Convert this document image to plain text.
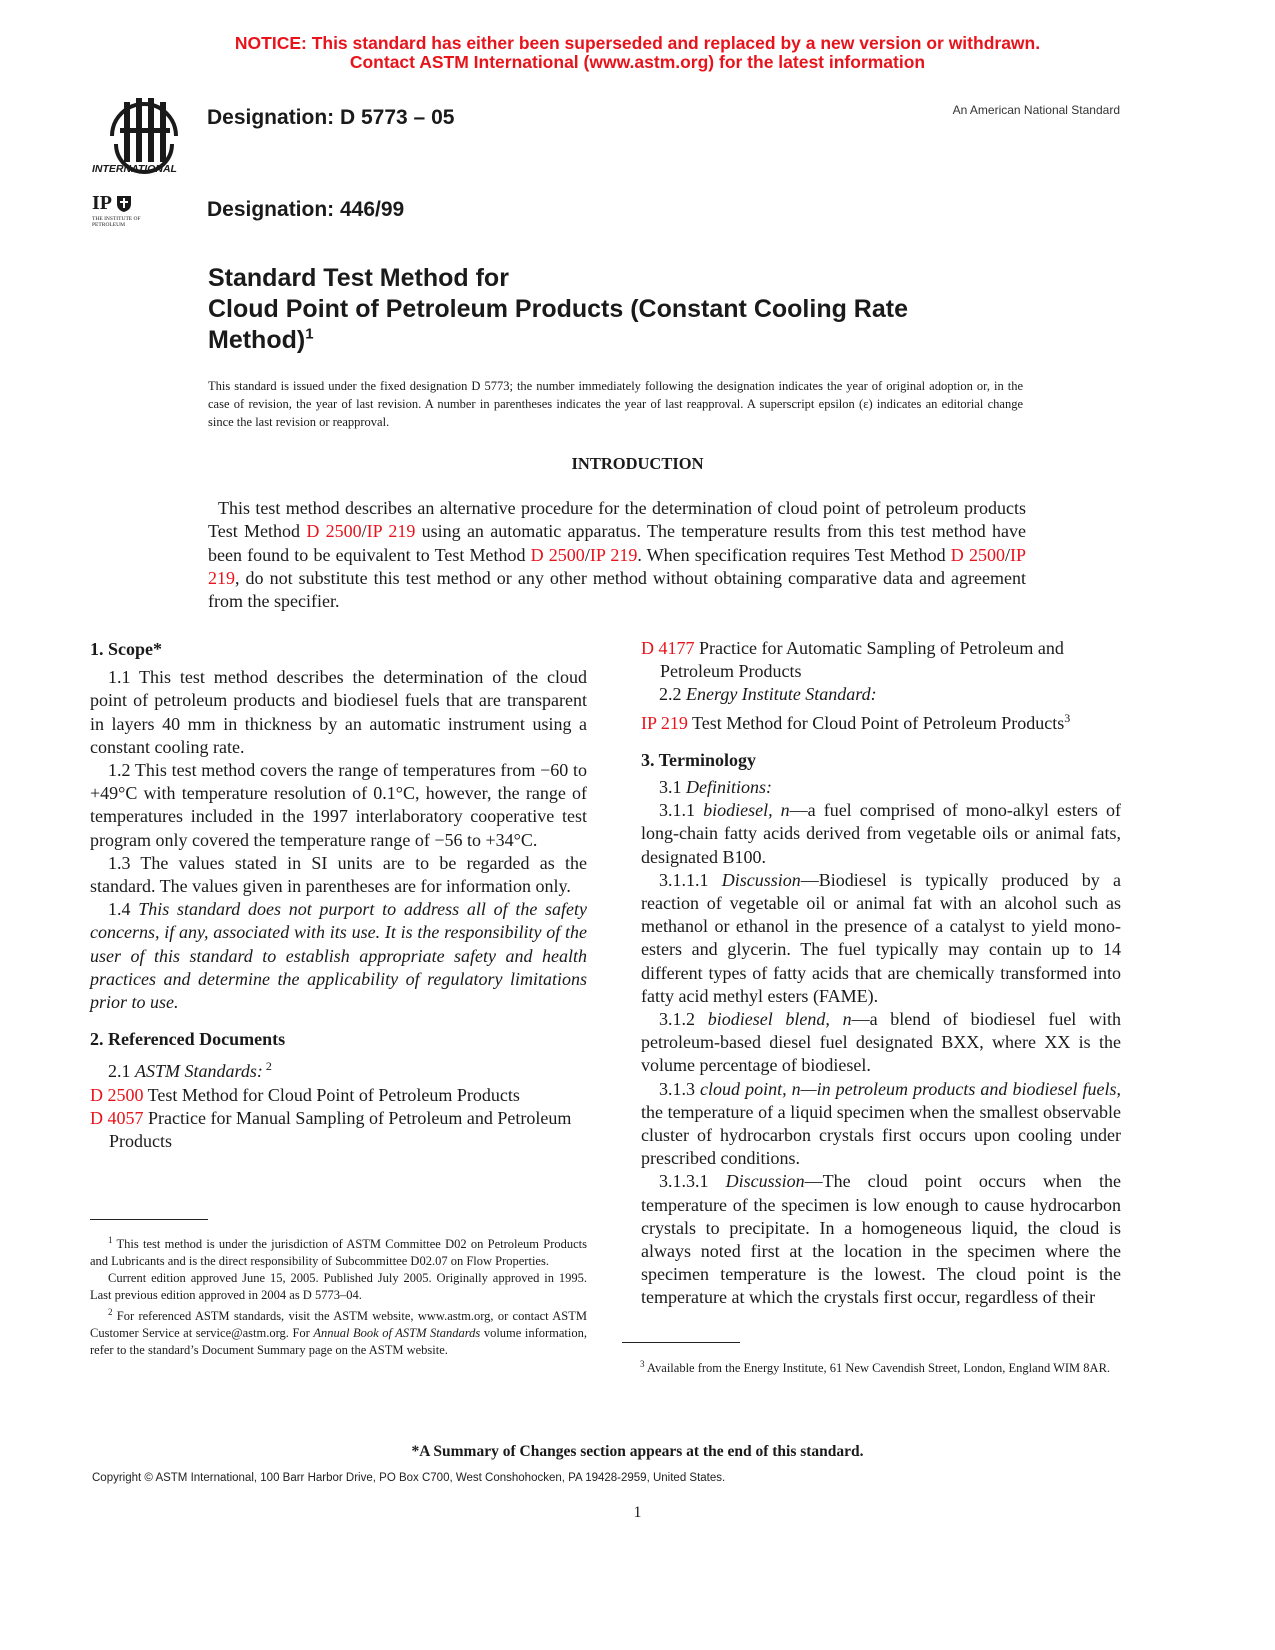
NOTICE: This standard has either been superseded and replaced by a new version or withdrawn.
Contact ASTM International (www.astm.org) for the latest information
INTERNATIONAL
Designation: D 5773 – 05	An American National Standard
IP
THE INSTITUTE OF PETROLEUM
Designation: 446/99
Standard Test Method for
Cloud Point of Petroleum Products (Constant Cooling Rate
Method)$^1$
This standard is issued under the fixed designation D 5773; the number immediately following the designation indicates the year of original adoption or, in the case of revision, the year of last revision. A number in parentheses indicates the year of last reapproval. A superscript epsilon (ε) indicates an editorial change since the last revision or reapproval.
INTRODUCTION
This test method describes an alternative procedure for the determination of cloud point of petroleum products Test Method D 2500/IP 219 using an automatic apparatus. The temperature results from this test method have been found to be equivalent to Test Method D 2500/IP 219. When specification requires Test Method D 2500/IP 219, do not substitute this test method or any other method without obtaining comparative data and agreement from the specifier.

1. Scope*

1.1 This test method describes the determination of the cloud point of petroleum products and biodiesel fuels that are transparent in layers 40 mm in thickness by an automatic instrument using a constant cooling rate.

1.2 This test method covers the range of temperatures from −60 to +49°C with temperature resolution of 0.1°C, however, the range of temperatures included in the 1997 interlaboratory cooperative test program only covered the temperature range of −56 to +34°C.

1.3 The values stated in SI units are to be regarded as the standard. The values given in parentheses are for information only.

1.4 This standard does not purport to address all of the safety concerns, if any, associated with its use. It is the responsibility of the user of this standard to establish appropriate safety and health practices and determine the applicability of regulatory limitations prior to use.

2. Referenced Documents

2.1 ASTM Standards: $^2$

D 2500 Test Method for Cloud Point of Petroleum Products

D 4057 Practice for Manual Sampling of Petroleum and Petroleum Products

$^1$ This test method is under the jurisdiction of ASTM Committee D02 on Petroleum Products and Lubricants and is the direct responsibility of Subcommittee D02.07 on Flow Properties.

Current edition approved June 15, 2005. Published July 2005. Originally approved in 1995. Last previous edition approved in 2004 as D 5773–04.

$^2$ For referenced ASTM standards, visit the ASTM website, www.astm.org, or contact ASTM Customer Service at service@astm.org. For Annual Book of ASTM Standards volume information, refer to the standard’s Document Summary page on the ASTM website.

D 4177 Practice for Automatic Sampling of Petroleum and Petroleum Products

2.2 Energy Institute Standard:

IP 219 Test Method for Cloud Point of Petroleum Products$^3$

3. Terminology

3.1 Definitions:

3.1.1 biodiesel, n—a fuel comprised of mono-alkyl esters of long-chain fatty acids derived from vegetable oils or animal fats, designated B100.

3.1.1.1 Discussion—Biodiesel is typically produced by a reaction of vegetable oil or animal fat with an alcohol such as methanol or ethanol in the presence of a catalyst to yield mono-esters and glycerin. The fuel typically may contain up to 14 different types of fatty acids that are chemically transformed into fatty acid methyl esters (FAME).

3.1.2 biodiesel blend, n—a blend of biodiesel fuel with petroleum-based diesel fuel designated BXX, where XX is the volume percentage of biodiesel.

3.1.3 cloud point, n—in petroleum products and biodiesel fuels, the temperature of a liquid specimen when the smallest observable cluster of hydrocarbon crystals first occurs upon cooling under prescribed conditions.

3.1.3.1 Discussion—The cloud point occurs when the temperature of the specimen is low enough to cause hydrocarbon crystals to precipitate. In a homogeneous liquid, the cloud is always noted first at the location in the specimen where the specimen temperature is the lowest. The cloud point is the temperature at which the crystals first occur, regardless of their

$^3$ Available from the Energy Institute, 61 New Cavendish Street, London, England WIM 8AR.

*A Summary of Changes section appears at the end of this standard.
Copyright © ASTM International, 100 Barr Harbor Drive, PO Box C700, West Conshohocken, PA 19428-2959, United States.
1
